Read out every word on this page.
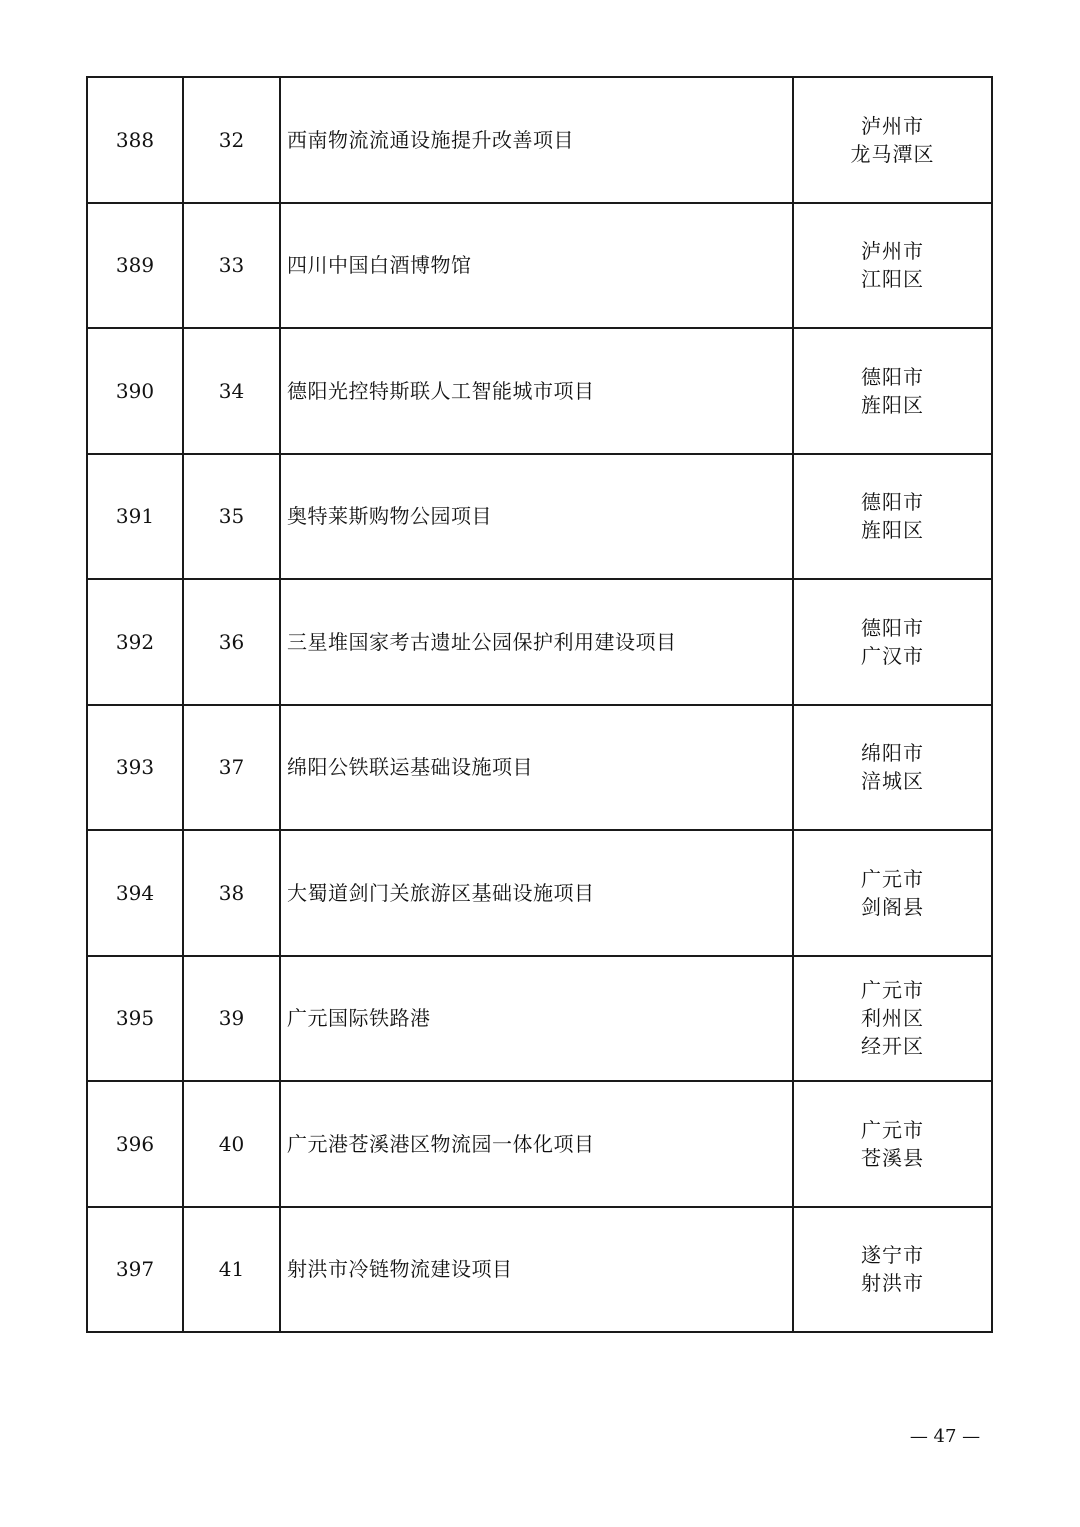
388	32	西南物流流通设施提升改善项目	泸州市
龙马潭区

389	33	四川中国白酒博物馆	泸州市
江阳区

390	34	德阳光控特斯联人工智能城市项目	德阳市
旌阳区

391	35	奥特莱斯购物公园项目	德阳市
旌阳区

392	36	三星堆国家考古遗址公园保护利用建设项目	德阳市
广汉市

393	37	绵阳公铁联运基础设施项目	绵阳市
涪城区

394	38	大蜀道剑门关旅游区基础设施项目	广元市
剑阁县

395	39	广元国际铁路港	广元市
利州区
经开区

396	40	广元港苍溪港区物流园一体化项目	广元市
苍溪县

397	41	射洪市冷链物流建设项目	遂宁市
射洪市
— 47 —
